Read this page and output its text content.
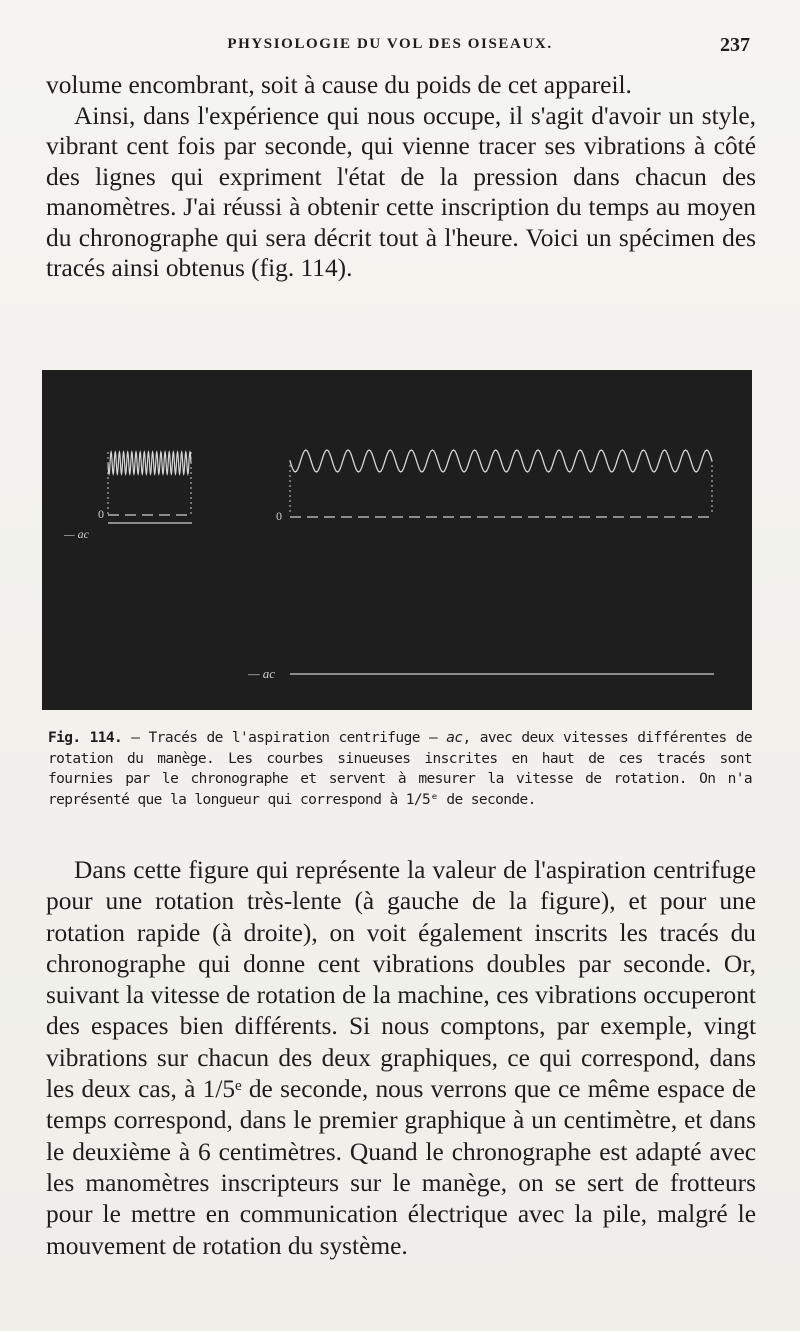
PHYSIOLOGIE DU VOL DES OISEAUX.	237

volume encombrant, soit à cause du poids de cet appareil.

Ainsi, dans l'expérience qui nous occupe, il s'agit d'avoir un style, vibrant cent fois par seconde, qui vienne tracer ses vibrations à côté des lignes qui expriment l'état de la pression dans chacun des manomètres. J'ai réussi à obtenir cette inscription du temps au moyen du chronographe qui sera décrit tout à l'heure. Voici un spécimen des tracés ainsi obtenus (fig. 114).

0
— ac
0
— ac

Fig. 114. — Tracés de l'aspiration centrifuge — ac, avec deux vitesses différentes de rotation du manège. Les courbes sinueuses inscrites en haut de ces tracés sont fournies par le chronographe et servent à mesurer la vitesse de rotation. On n'a représenté que la longueur qui correspond à 1/5ᵉ de seconde.

Dans cette figure qui représente la valeur de l'aspiration centrifuge pour une rotation très-lente (à gauche de la figure), et pour une rotation rapide (à droite), on voit également inscrits les tracés du chronographe qui donne cent vibrations doubles par seconde. Or, suivant la vitesse de rotation de la machine, ces vibrations occuperont des espaces bien différents. Si nous comptons, par exemple, vingt vibrations sur chacun des deux graphiques, ce qui correspond, dans les deux cas, à 1/5ᵉ de seconde, nous verrons que ce même espace de temps correspond, dans le premier graphique à un centimètre, et dans le deuxième à 6 centimètres. Quand le chronographe est adapté avec les manomètres inscripteurs sur le manège, on se sert de frotteurs pour le mettre en communication électrique avec la pile, malgré le mouvement de rotation du système.
